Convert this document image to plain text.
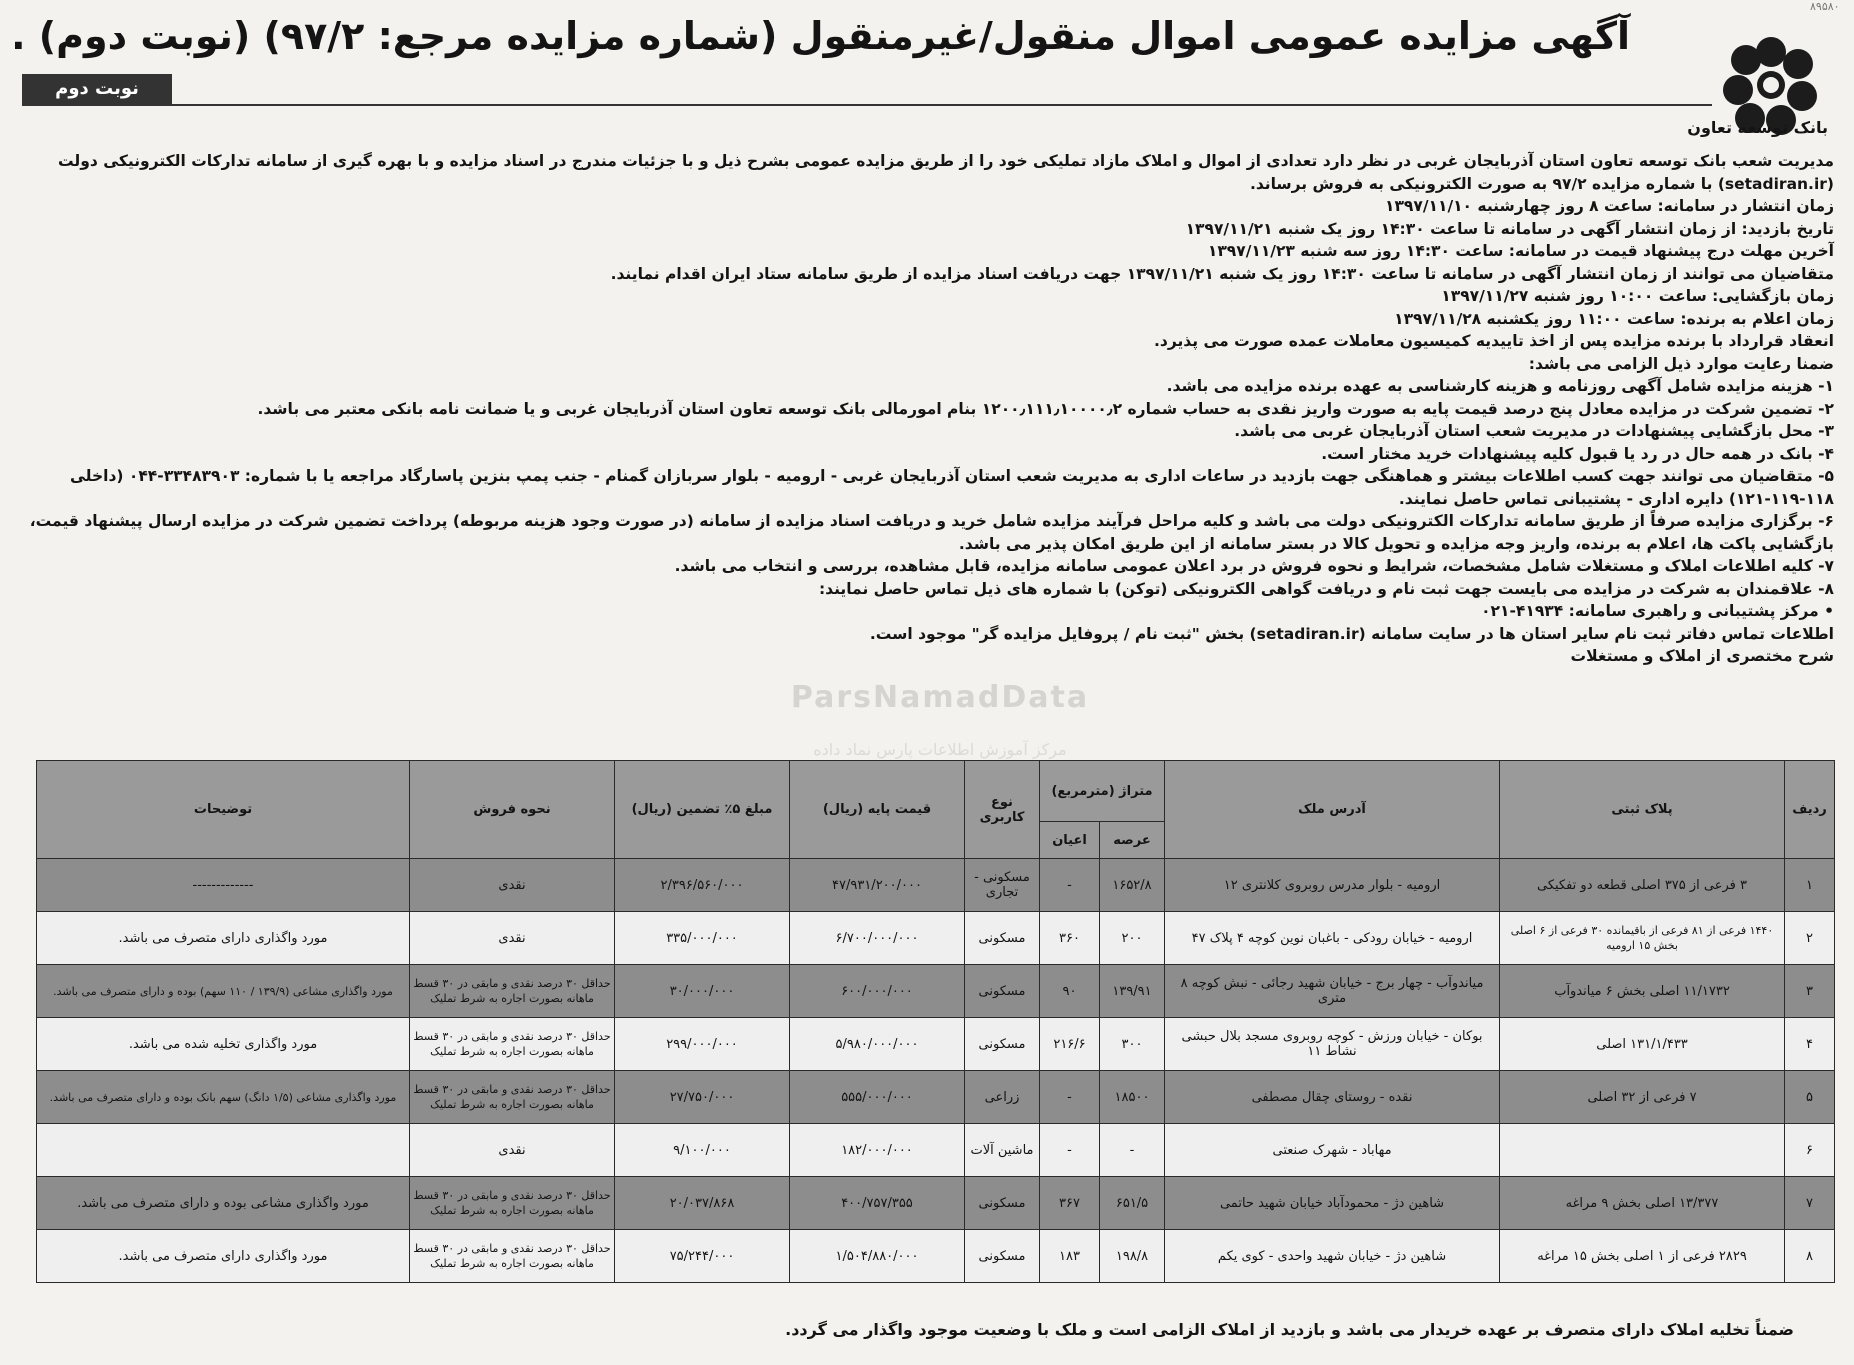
۸۹۵۸۰
بانک توسعه تعاون
آگهی مزایده عمومی اموال منقول/غیرمنقول (شماره مزایده مرجع: ۹۷/۲) (نوبت دوم) .
نوبت دوم
ParsNamadData
مرکز آموزش اطلاعات پارس نماد داده

مدیریت شعب بانک توسعه تعاون استان آذربایجان غربی در نظر دارد تعدادی از اموال و املاک مازاد تملیکی خود را از طریق مزایده عمومی بشرح ذیل و با جزئیات مندرج در اسناد مزایده و با بهره گیری از سامانه تدارکات الکترونیکی دولت (setadiran.ir) با شماره مزایده ۹۷/۲ به صورت الکترونیکی به فروش برساند.

زمان انتشار در سامانه: ساعت ۸ روز چهارشنبه ۱۳۹۷/۱۱/۱۰

تاریخ بازدید: از زمان انتشار آگهی در سامانه تا ساعت ۱۴:۳۰ روز یک شنبه ۱۳۹۷/۱۱/۲۱

آخرین مهلت درج پیشنهاد قیمت در سامانه: ساعت ۱۴:۳۰ روز سه شنبه ۱۳۹۷/۱۱/۲۳

متقاضیان می توانند از زمان انتشار آگهی در سامانه تا ساعت ۱۴:۳۰ روز یک شنبه ۱۳۹۷/۱۱/۲۱ جهت دریافت اسناد مزایده از طریق سامانه ستاد ایران اقدام نمایند.

زمان بازگشایی: ساعت ۱۰:۰۰ روز شنبه ۱۳۹۷/۱۱/۲۷

زمان اعلام به برنده: ساعت ۱۱:۰۰ روز یکشنبه ۱۳۹۷/۱۱/۲۸

انعقاد قرارداد با برنده مزایده پس از اخذ تاییدیه کمیسیون معاملات عمده صورت می پذیرد.

ضمنا رعایت موارد ذیل الزامی می باشد:

۱- هزینه مزایده شامل آگهی روزنامه و هزینه کارشناسی به عهده برنده مزایده می باشد.

۲- تضمین شرکت در مزایده معادل پنج درصد قیمت پایه به صورت واریز نقدی به حساب شماره ۱۲۰۰٫۱۱۱٫۱۰۰۰۰٫۲ بنام امورمالی بانک توسعه تعاون استان آذربایجان غربی و یا ضمانت نامه بانکی معتبر می باشد.

۳- محل بازگشایی پیشنهادات در مدیریت شعب استان آذربایجان غربی می باشد.

۴- بانک در همه حال در رد یا قبول کلیه پیشنهادات خرید مختار است.

۵- متقاضیان می توانند جهت کسب اطلاعات بیشتر و هماهنگی جهت بازدید در ساعات اداری به مدیریت شعب استان آذربایجان غربی - ارومیه - بلوار سربازان گمنام - جنب پمپ بنزین پاسارگاد مراجعه یا با شماره: ۳۳۴۸۳۹۰۳-۰۴۴ (داخلی ۱۱۸-۱۱۹-۱۲۱) دایره اداری - پشتیبانی تماس حاصل نمایند.

۶- برگزاری مزایده صرفاً از طریق سامانه تدارکات الکترونیکی دولت می باشد و کلیه مراحل فرآیند مزایده شامل خرید و دریافت اسناد مزایده از سامانه (در صورت وجود هزینه مربوطه) پرداخت تضمین شرکت در مزایده ارسال پیشنهاد قیمت، بازگشایی پاکت ها، اعلام به برنده، واریز وجه مزایده و تحویل کالا در بستر سامانه از این طریق امکان پذیر می باشد.

۷- کلیه اطلاعات املاک و مستغلات شامل مشخصات، شرایط و نحوه فروش در برد اعلان عمومی سامانه مزایده، قابل مشاهده، بررسی و انتخاب می باشد.

۸- علاقمندان به شرکت در مزایده می بایست جهت ثبت نام و دریافت گواهی الکترونیکی (توکن) با شماره های ذیل تماس حاصل نمایند:

• مرکز پشتیبانی و راهبری سامانه: ۴۱۹۳۴-۰۲۱

اطلاعات تماس دفاتر ثبت نام سایر استان ها در سایت سامانه (setadiran.ir) بخش "ثبت نام / پروفایل مزایده گر" موجود است.

شرح مختصری از املاک و مستغلات

ردیف	پلاک ثبتی	آدرس ملک	متراژ (مترمربع)		نوع کاربری	قیمت پایه (ریال)	مبلغ ۵٪ تضمین (ریال)	نحوه فروش	توضیحات
			عرصه	اعیان					
۱	۳ فرعی از ۳۷۵ اصلی قطعه دو تفکیکی	ارومیه - بلوار مدرس روبروی کلانتری ۱۲	۱۶۵۲/۸	-	مسکونی - تجاری	۴۷/۹۳۱/۲۰۰/۰۰۰	۲/۳۹۶/۵۶۰/۰۰۰	نقدی	-------------
۲	۱۴۴۰ فرعی از ۸۱ فرعی از باقیمانده ۳۰ فرعی از ۶ اصلی بخش ۱۵ ارومیه	ارومیه - خیابان رودکی - باغبان نوین کوچه ۴ پلاک ۴۷	۲۰۰	۳۶۰	مسکونی	۶/۷۰۰/۰۰۰/۰۰۰	۳۳۵/۰۰۰/۰۰۰	نقدی	مورد واگذاری دارای متصرف می باشد.
۳	۱۱/۱۷۳۲ اصلی بخش ۶ میاندوآب	میاندوآب - چهار برج - خیابان شهید رجائی - نبش کوچه ۸ متری	۱۳۹/۹۱	۹۰	مسکونی	۶۰۰/۰۰۰/۰۰۰	۳۰/۰۰۰/۰۰۰	حداقل ۳۰ درصد نقدی و مابقی در ۳۰ قسط ماهانه بصورت اجاره به شرط تملیک	مورد واگذاری مشاعی (۱۳۹/۹ / ۱۱۰ سهم) بوده و دارای متصرف می باشد.
۴	۱۳۱/۱/۴۳۳ اصلی	بوکان - خیابان ورزش - کوچه روبروی مسجد بلال حبشی نشاط ۱۱	۳۰۰	۲۱۶/۶	مسکونی	۵/۹۸۰/۰۰۰/۰۰۰	۲۹۹/۰۰۰/۰۰۰	حداقل ۳۰ درصد نقدی و مابقی در ۳۰ قسط ماهانه بصورت اجاره به شرط تملیک	مورد واگذاری تخلیه شده می باشد.
۵	۷ فرعی از ۳۲ اصلی	نقده - روستای چقال مصطفی	۱۸۵۰۰	-	زراعی	۵۵۵/۰۰۰/۰۰۰	۲۷/۷۵۰/۰۰۰	حداقل ۳۰ درصد نقدی و مابقی در ۳۰ قسط ماهانه بصورت اجاره به شرط تملیک	مورد واگذاری مشاعی (۱/۵ دانگ) سهم بانک بوده و دارای متصرف می باشد.
۶		مهاباد - شهرک صنعتی	-	-	ماشین آلات	۱۸۲/۰۰۰/۰۰۰	۹/۱۰۰/۰۰۰	نقدی	
۷	۱۳/۳۷۷ اصلی بخش ۹ مراغه	شاهین دژ - محمودآباد خیابان شهید حاتمی	۶۵۱/۵	۳۶۷	مسکونی	۴۰۰/۷۵۷/۳۵۵	۲۰/۰۳۷/۸۶۸	حداقل ۳۰ درصد نقدی و مابقی در ۳۰ قسط ماهانه بصورت اجاره به شرط تملیک	مورد واگذاری مشاعی بوده و دارای متصرف می باشد.
۸	۲۸۲۹ فرعی از ۱ اصلی بخش ۱۵ مراغه	شاهین دژ - خیابان شهید واحدی - کوی یکم	۱۹۸/۸	۱۸۳	مسکونی	۱/۵۰۴/۸۸۰/۰۰۰	۷۵/۲۴۴/۰۰۰	حداقل ۳۰ درصد نقدی و مابقی در ۳۰ قسط ماهانه بصورت اجاره به شرط تملیک	مورد واگذاری دارای متصرف می باشد.
ضمناً تخلیه املاک دارای متصرف بر عهده خریدار می باشد و بازدید از املاک الزامی است و ملک با وضعیت موجود واگذار می گردد.
